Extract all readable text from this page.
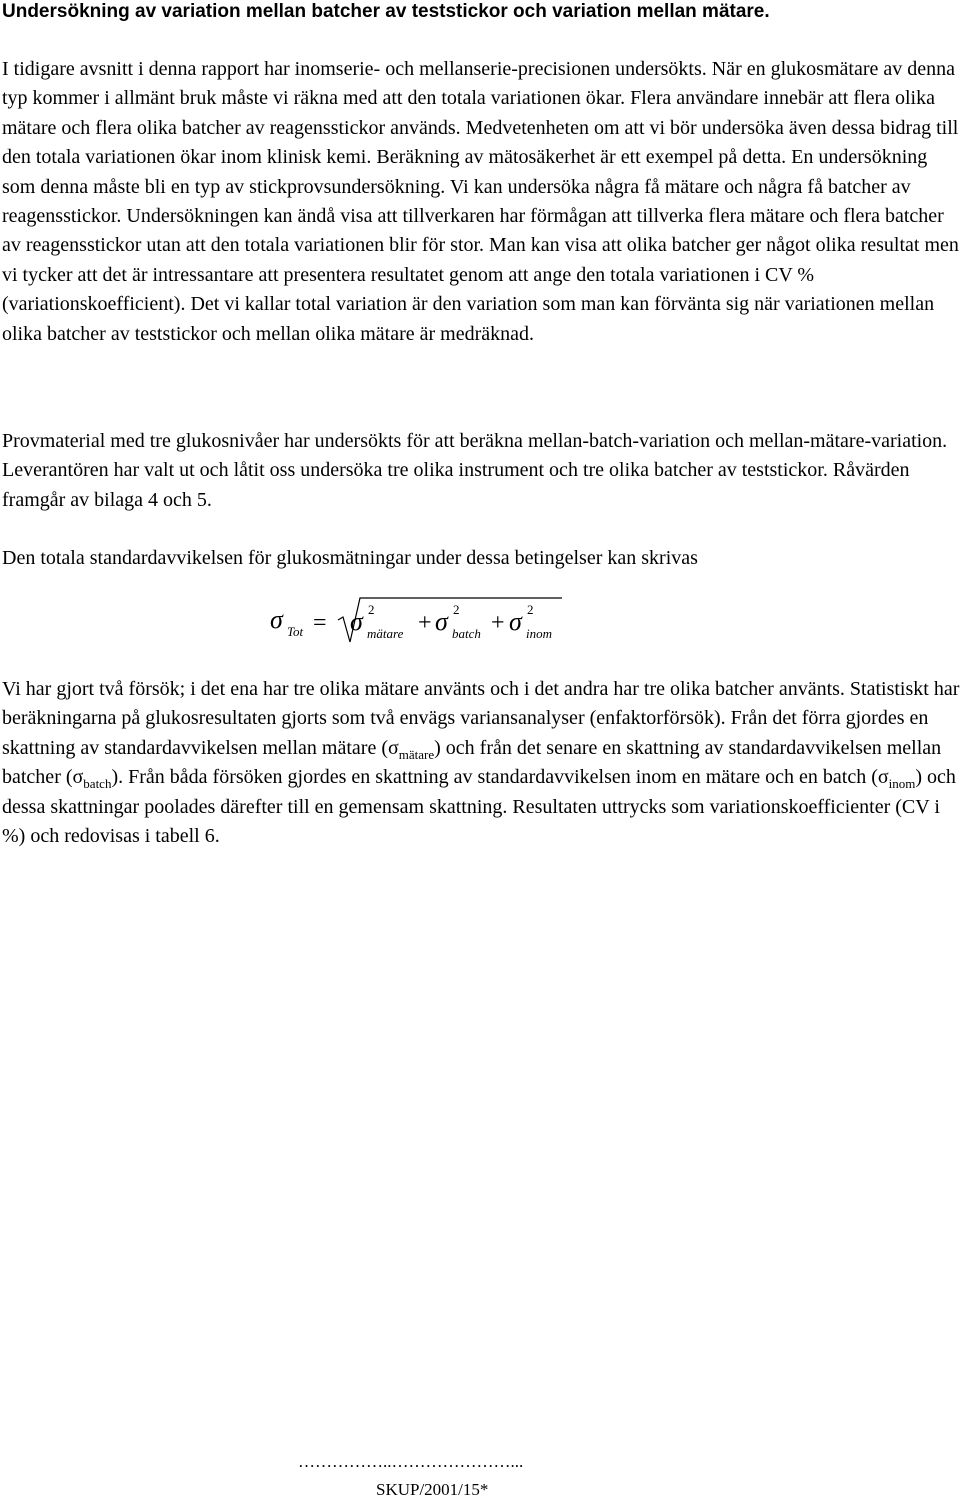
Undersökning av variation mellan batcher av teststickor och variation mellan mätare.

I tidigare avsnitt i denna rapport har inomserie- och mellanserie-precisionen undersökts. När en glukosmätare av denna typ kommer i allmänt bruk måste vi räkna med att den totala variationen ökar. Flera användare innebär att flera olika mätare och flera olika batcher av reagensstickor används. Medvetenheten om att vi bör undersöka även dessa bidrag till den totala variationen ökar inom klinisk kemi. Beräkning av mätosäkerhet är ett exempel på detta. En undersökning som denna måste bli en typ av stickprovsundersökning. Vi kan undersöka några få mätare och några få batcher av reagensstickor. Undersökningen kan ändå visa att tillverkaren har förmågan att tillverka flera mätare och flera batcher av reagensstickor utan att den totala variationen blir för stor. Man kan visa att olika batcher ger något olika resultat men vi tycker att det är intressantare att presentera resultatet genom att ange den totala variationen i CV % (variationskoefficient). Det vi kallar total variation är den variation som man kan förvänta sig när variationen mellan olika batcher av teststickor och mellan olika mätare är medräknad.

Provmaterial med tre glukosnivåer har undersökts för att beräkna mellan-batch-variation och mellan-mätare-variation. Leverantören har valt ut och låtit oss undersöka tre olika instrument och tre olika batcher av teststickor. Råvärden framgår av bilaga 4 och 5.

Den totala standardavvikelsen för glukosmätningar under dessa betingelser kan skrivas

σ Tot = σ 2
mätare + σ 2
batch + σ 2
inom

Vi har gjort två försök; i det ena har tre olika mätare använts och i det andra har tre olika batcher använts. Statistiskt har beräkningarna på glukosresultaten gjorts som två envägs variansanalyser (enfaktorförsök). Från det förra gjordes en skattning av standardavvikelsen mellan mätare $(\sigma_{mätare})$ och från det senare en skattning av standardavvikelsen mellan batcher $(\sigma_{batch})$. Från båda försöken gjordes en skattning av standardavvikelsen inom en mätare och en batch $(\sigma_{inom})$ och dessa skattningar poolades därefter till en gemensam skattning. Resultaten uttrycks som variationskoefficienter (CV i %) och redovisas i tabell 6.

……………..…………………...
SKUP/2001/15*
